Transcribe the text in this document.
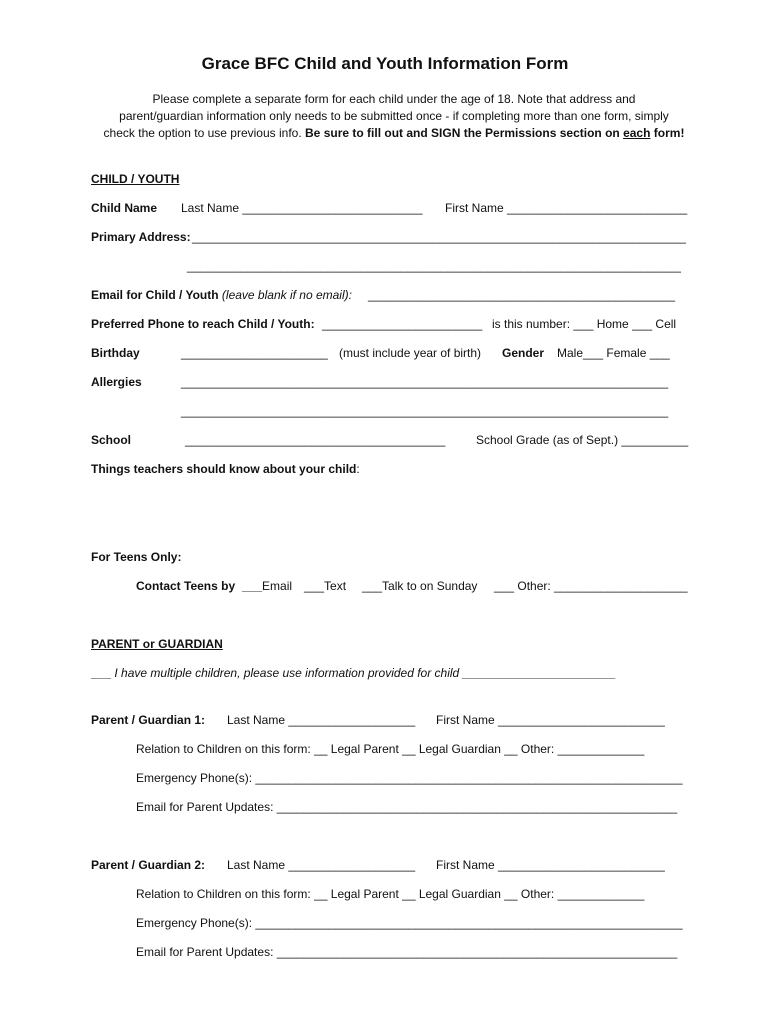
Grace BFC Child and Youth Information Form
Please complete a separate form for each child under the age of 18. Note that address and
parent/guardian information only needs to be submitted once - if completing more than one form, simply
check the option to use previous info. Be sure to fill out and SIGN the Permissions section on each form!
CHILD / YOUTH
Child Name Last Name ___________________________ First Name ___________________________
Primary Address: __________________________________________________________________________
__________________________________________________________________________
Email for Child / Youth (leave blank if no email): ______________________________________________
Preferred Phone to reach Child / Youth: ________________________ is this number: ___ Home ___ Cell
Birthday	______________________ (must include year of birth) Gender Male___ Female ___
Allergies	_________________________________________________________________________
_________________________________________________________________________
School	_______________________________________	School Grade (as of Sept.) __________
Things teachers should know about your child:
For Teens Only:
Contact Teens by ___Email ___Text ___Talk to on Sunday ___ Other: ____________________
PARENT or GUARDIAN
___ I have multiple children, please use information provided for child _______________________
Parent / Guardian 1: Last Name ___________________ First Name _________________________
Relation to Children on this form: __ Legal Parent __ Legal Guardian __ Other: _____________
Emergency Phone(s): ________________________________________________________________
Email for Parent Updates: ____________________________________________________________
Parent / Guardian 2: Last Name ___________________ First Name _________________________
Relation to Children on this form: __ Legal Parent __ Legal Guardian __ Other: _____________
Emergency Phone(s): ________________________________________________________________
Email for Parent Updates: ____________________________________________________________
